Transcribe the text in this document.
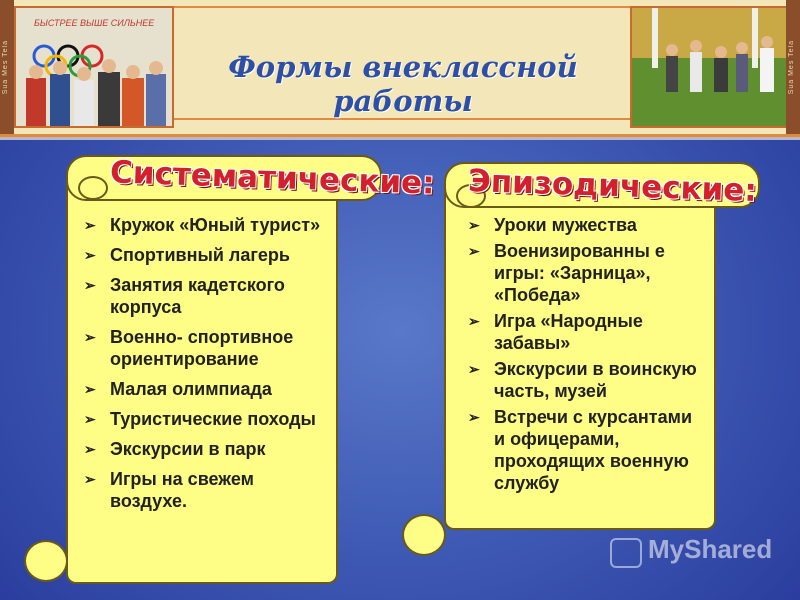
Sua Mes Tela
БЫСТРЕЕ ВЫШЕ СИЛЬНЕЕ
Формы внеклассной работы
Sua Mes Tela
Систематические:
➢ Кружок «Юный турист»
➢ Спортивный лагерь
➢ Занятия кадетского корпуса
➢ Военно- спортивное ориентирование
➢ Малая олимпиада
➢ Туристические походы
➢ Экскурсии в парк
➢ Игры на свежем воздухе.
Эпизодические:
➢ Уроки мужества
➢ Военизированны е игры: «Зарница», «Победа»
➢ Игра «Народные забавы»
➢ Экскурсии в воинскую часть, музей
➢ Встречи с курсантами и офицерами, проходящих военную службу
MyShared
